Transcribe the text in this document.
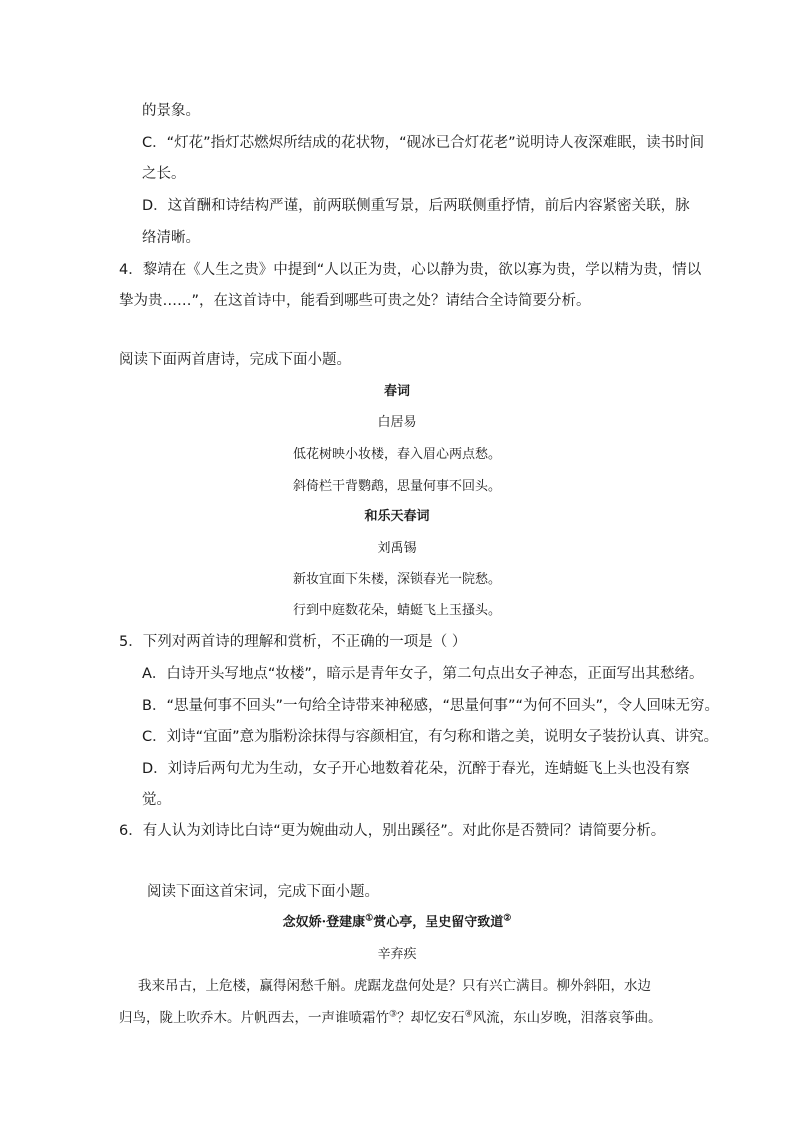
的景象。
C．“灯花”指灯芯燃烬所结成的花状物，“砚冰已合灯花老”说明诗人夜深难眠，读书时间
之长。
D．这首酬和诗结构严谨，前两联侧重写景，后两联侧重抒情，前后内容紧密关联，脉
络清晰。
4．黎靖在《人生之贵》中提到“人以正为贵，心以静为贵，欲以寡为贵，学以精为贵，情以
挚为贵……”，在这首诗中，能看到哪些可贵之处？请结合全诗简要分析。
阅读下面两首唐诗，完成下面小题。
春词
白居易
低花树映小妆楼，春入眉心两点愁。
斜倚栏干背鹦鹉，思量何事不回头。
和乐天春词
刘禹锡
新妆宜面下朱楼，深锁春光一院愁。
行到中庭数花朵，蜻蜓飞上玉搔头。
5．下列对两首诗的理解和赏析，不正确的一项是（ ）
A．白诗开头写地点“妆楼”，暗示是青年女子，第二句点出女子神态，正面写出其愁绪。
B．“思量何事不回头”一句给全诗带来神秘感，“思量何事”“为何不回头”，令人回味无穷。
C．刘诗“宜面”意为脂粉涂抹得与容颜相宜，有匀称和谐之美，说明女子装扮认真、讲究。
D．刘诗后两句尤为生动，女子开心地数着花朵，沉醉于春光，连蜻蜓飞上头也没有察
觉。
6．有人认为刘诗比白诗“更为婉曲动人，别出蹊径”。对此你是否赞同？请简要分析。
阅读下面这首宋词，完成下面小题。
念奴娇·登建康①赏心亭，呈史留守致道②
辛弃疾
我来吊古，上危楼，赢得闲愁千斛。虎踞龙盘何处是？只有兴亡满目。柳外斜阳，水边
归鸟，陇上吹乔木。片帆西去，一声谁喷霜竹③？却忆安石④风流，东山岁晚，泪落哀筝曲。
